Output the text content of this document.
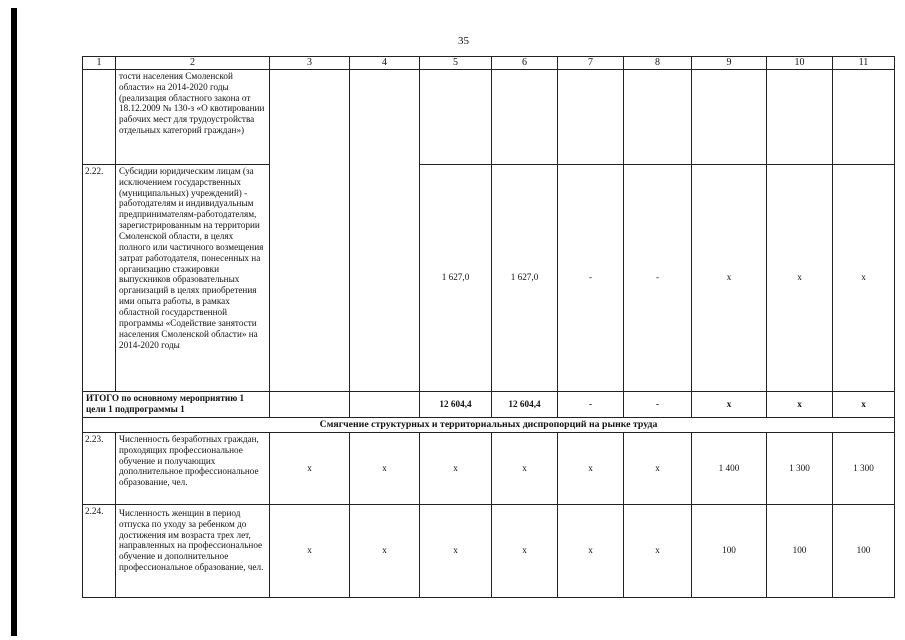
35
1	2	3	4	5	6	7	8	9	10	11
	тости населения Смоленской области» на 2014-2020 годы (реализация областного закона от 18.12.2009 № 130-з «О квотировании рабочих мест для трудоустройства отдельных категорий граждан»)									
2.22.	Субсидии юридическим лицам (за исключением государственных (муниципальных) учреждений) - работодателям и индивидуальным предпринимателям-работодателям, зарегистрированным на территории Смоленской области, в целях полного или частичного возмещения затрат работодателя, понесенных на организацию стажировки выпускников образовательных организаций в целях приобретения ими опыта работы, в рамках областной государственной программы «Содействие занятости населения Смоленской области» на 2014-2020 годы			1 627,0	1 627,0	-	-	х	х	х
ИТОГО по основному мероприятию 1 цели 1 подпрограммы 1				12 604,4	12 604,4	-	-	х	х	х
Смягчение структурных и территориальных диспропорций на рынке труда										
2.23.	Численность безработных граждан, проходящих профессиональное обучение и получающих дополнительное профессиональное образование, чел.	х	х	х	х	х	х	1 400	1 300	1 300
2.24.	Численность женщин в период отпуска по уходу за ребенком до достижения им возраста трех лет, направленных на профессиональное обучение и дополнительное профессиональное образование, чел.	х	х	х	х	х	х	100	100	100
